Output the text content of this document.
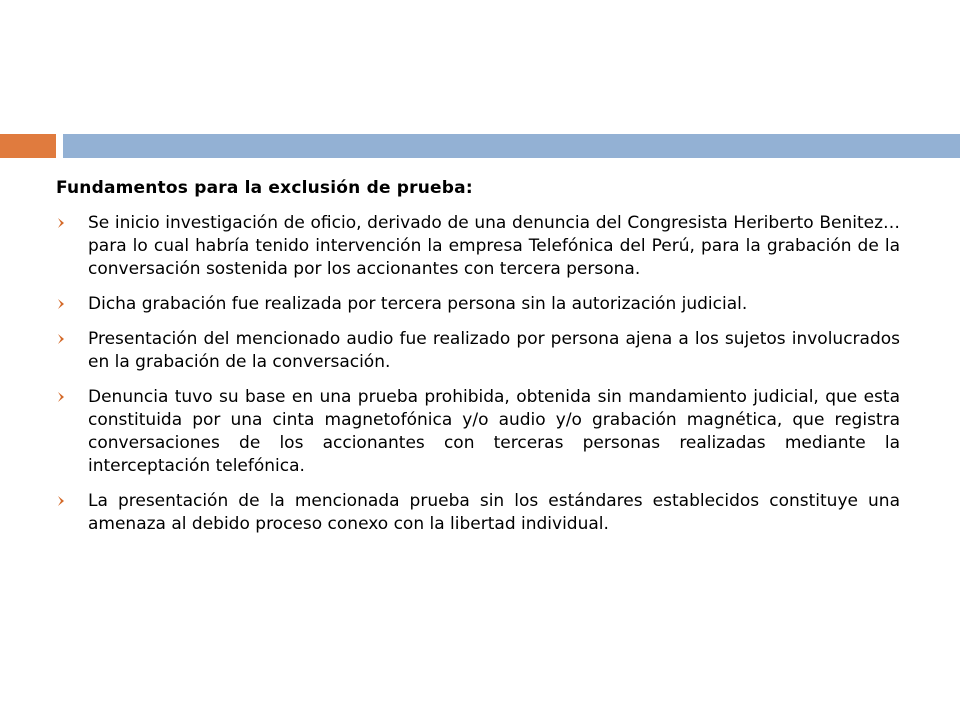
Fundamentos para la exclusión de prueba:
Se inicio investigación de oficio, derivado de una denuncia del Congresista Heriberto Benitez…para lo cual habría tenido intervención la empresa Telefónica del Perú, para la grabación de la conversación sostenida por los accionantes con tercera persona.
Dicha grabación fue realizada por tercera persona sin la autorización judicial.
Presentación del mencionado audio fue realizado por persona ajena a los sujetos involucrados en la grabación de la conversación.
Denuncia tuvo su base en una prueba prohibida, obtenida sin mandamiento judicial, que esta constituida por una cinta magnetofónica y/o audio y/o grabación magnética, que registra conversaciones de los accionantes con terceras personas realizadas mediante la interceptación telefónica.
La presentación de la mencionada prueba sin los estándares establecidos constituye una amenaza al debido proceso conexo con la libertad individual.
